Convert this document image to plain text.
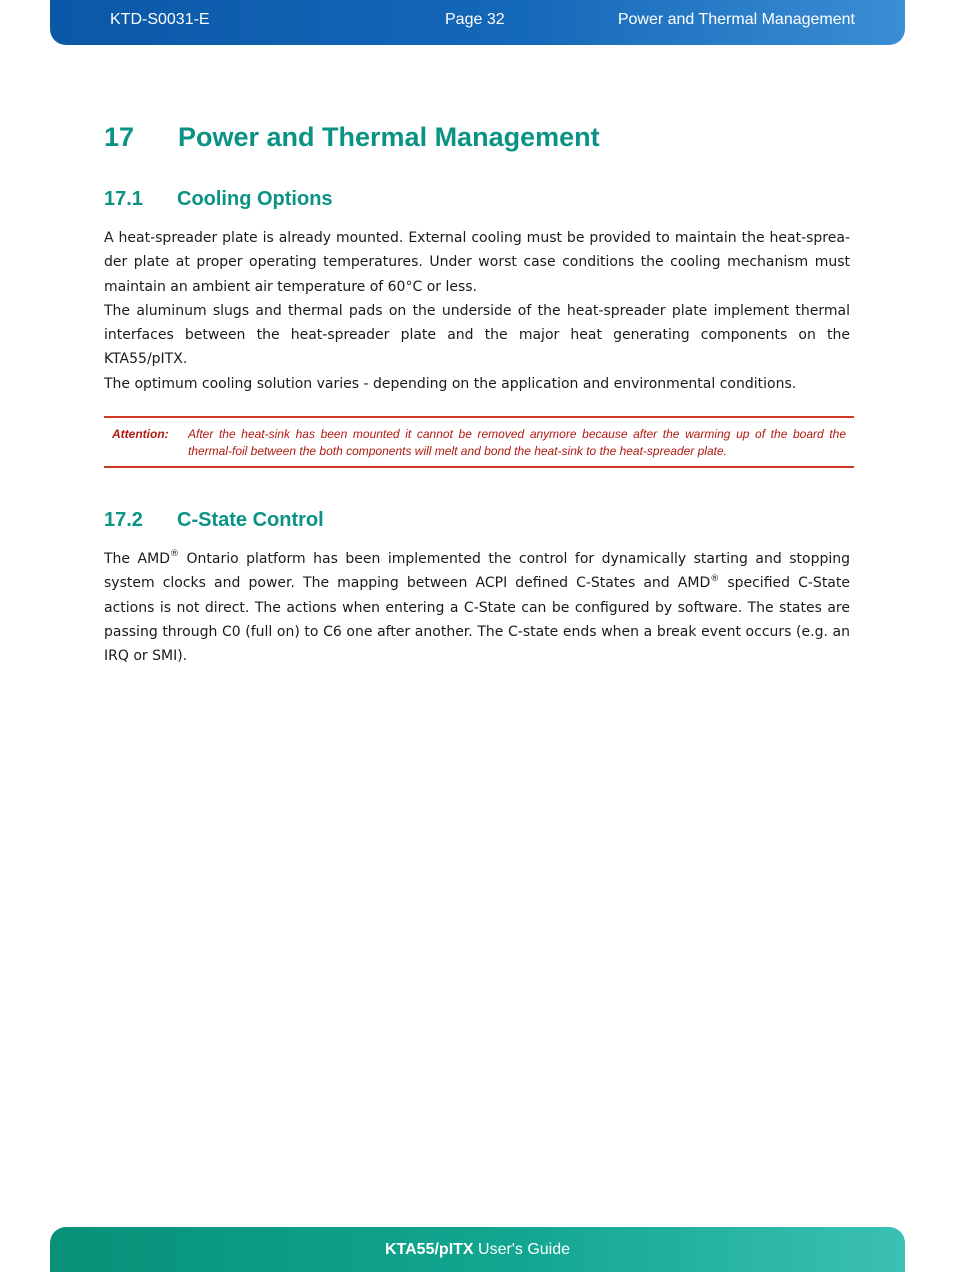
KTD-S0031-E	Page 32	Power and Thermal Management
17 Power and Thermal Management
17.1 Cooling Options

A heat-spreader plate is already mounted. External cooling must be provided to maintain the heat-sprea-der plate at proper operating temperatures. Under worst case conditions the cooling mechanism must maintain an ambient air temperature of 60°C or less.

The aluminum slugs and thermal pads on the underside of the heat-spreader plate implement thermal interfaces between the heat-spreader plate and the major heat generating components on the KTA55/pITX.

The optimum cooling solution varies - depending on the application and environmental conditions.

Attention: After the heat-sink has been mounted it cannot be removed anymore because after the warming up of the board the thermal-foil between the both components will melt and bond the heat-sink to the heat-spreader plate.
17.2 C-State Control

The AMD® Ontario platform has been implemented the control for dynamically starting and stopping system clocks and power. The mapping between ACPI defined C-States and AMD® specified C-State actions is not direct. The actions when entering a C-State can be configured by software. The states are passing through C0 (full on) to C6 one after another. The C-state ends when a break event occurs (e.g. an IRQ or SMI).

KTA55/pITX User's Guide
